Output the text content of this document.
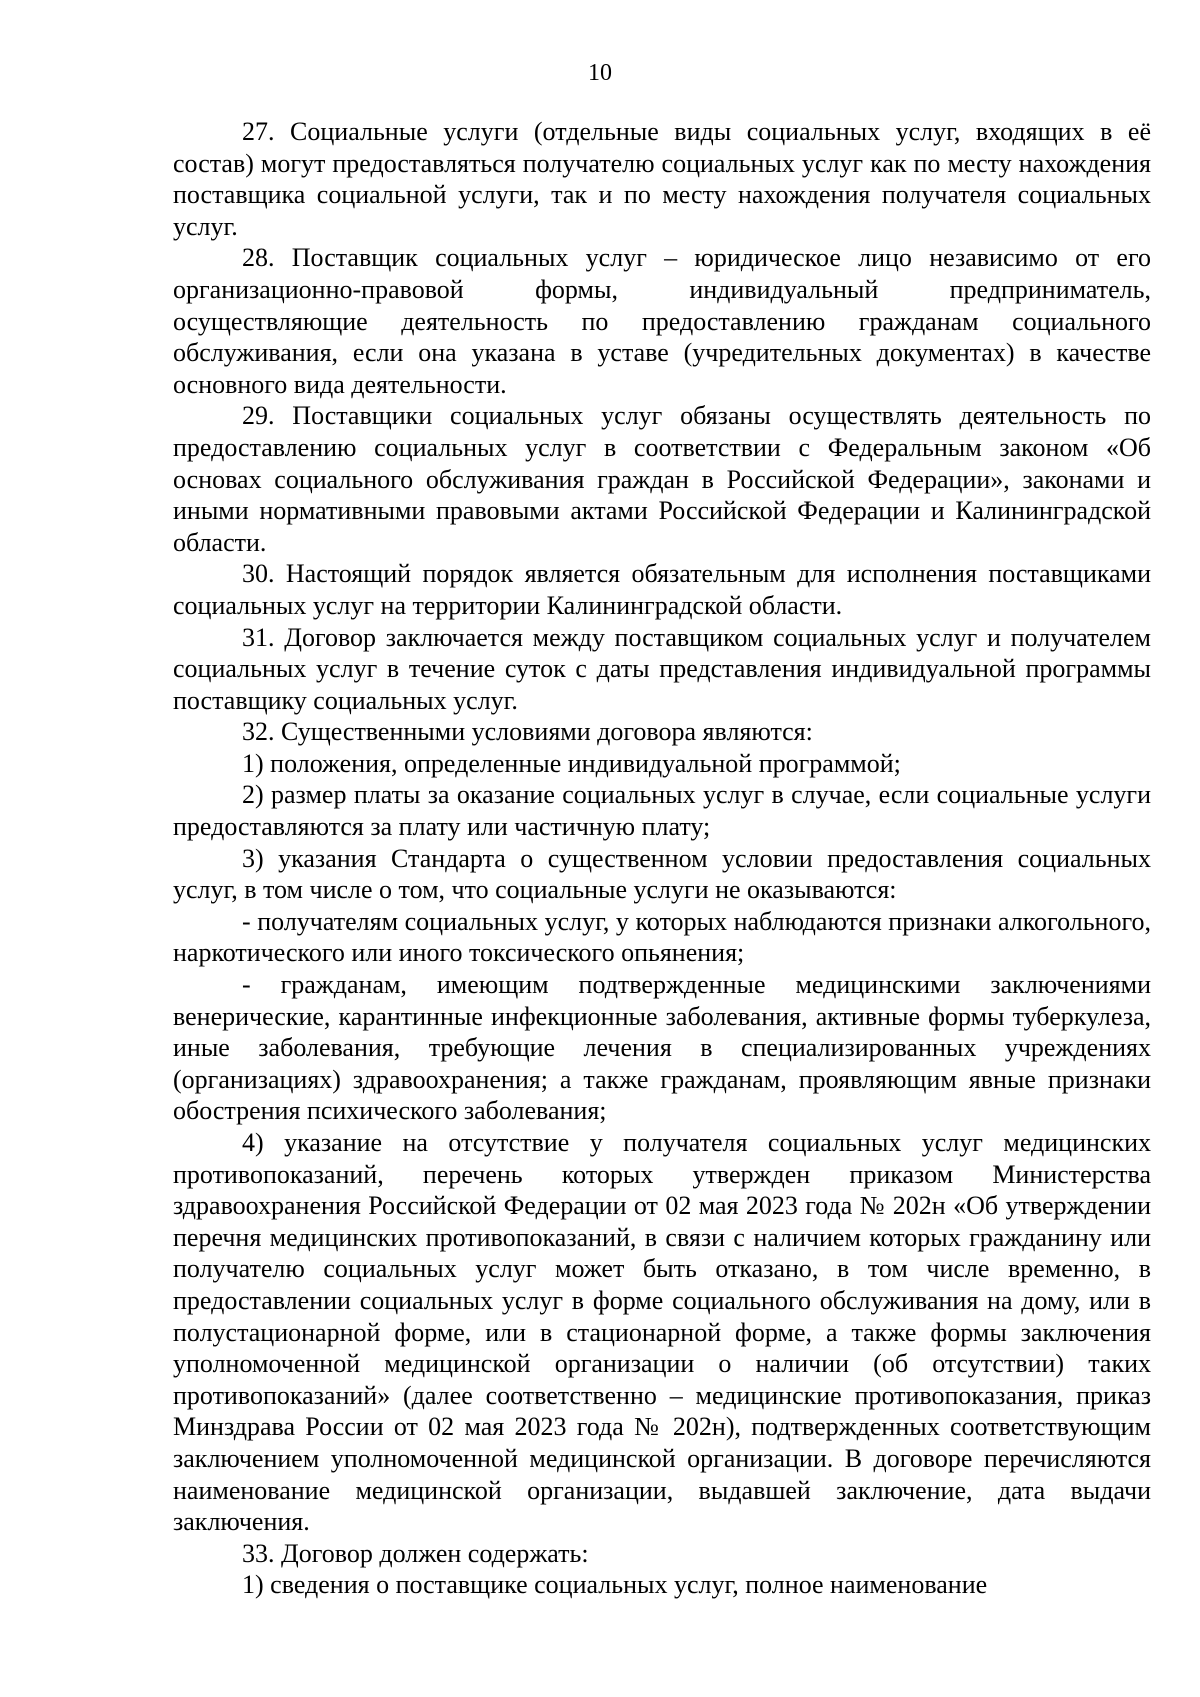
10

27. Социальные услуги (отдельные виды социальных услуг, входящих в её состав) могут предоставляться получателю социальных услуг как по месту нахождения поставщика социальной услуги, так и по месту нахождения получателя социальных услуг.

28. Поставщик социальных услуг – юридическое лицо независимо от его организационно-правовой формы, индивидуальный предприниматель, осуществляющие деятельность по предоставлению гражданам социального обслуживания, если она указана в уставе (учредительных документах) в качестве основного вида деятельности.

29. Поставщики социальных услуг обязаны осуществлять деятельность по предоставлению социальных услуг в соответствии с Федеральным законом «Об основах социального обслуживания граждан в Российской Федерации», законами и иными нормативными правовыми актами Российской Федерации и Калининградской области.

30. Настоящий порядок является обязательным для исполнения поставщиками социальных услуг на территории Калининградской области.

31. Договор заключается между поставщиком социальных услуг и получателем социальных услуг в течение суток с даты представления индивидуальной программы поставщику социальных услуг.

32. Существенными условиями договора являются:

1) положения, определенные индивидуальной программой;

2) размер платы за оказание социальных услуг в случае, если социальные услуги предоставляются за плату или частичную плату;

3) указания Стандарта о существенном условии предоставления социальных услуг, в том числе о том, что социальные услуги не оказываются:

- получателям социальных услуг, у которых наблюдаются признаки алкогольного, наркотического или иного токсического опьянения;

- гражданам, имеющим подтвержденные медицинскими заключениями венерические, карантинные инфекционные заболевания, активные формы туберкулеза, иные заболевания, требующие лечения в специализированных учреждениях (организациях) здравоохранения; а также гражданам, проявляющим явные признаки обострения психического заболевания;

4) указание на отсутствие у получателя социальных услуг медицинских противопоказаний, перечень которых утвержден приказом Министерства здравоохранения Российской Федерации от 02 мая 2023 года № 202н «Об утверждении перечня медицинских противопоказаний, в связи с наличием которых гражданину или получателю социальных услуг может быть отказано, в том числе временно, в предоставлении социальных услуг в форме социального обслуживания на дому, или в полустационарной форме, или в стационарной форме, а также формы заключения уполномоченной медицинской организации о наличии (об отсутствии) таких противопоказаний» (далее соответственно – медицинские противопоказания, приказ Минздрава России от 02 мая 2023 года № 202н), подтвержденных соответствующим заключением уполномоченной медицинской организации. В договоре перечисляются наименование медицинской организации, выдавшей заключение, дата выдачи заключения.

33. Договор должен содержать:

1) сведения о поставщике социальных услуг, полное наименование
